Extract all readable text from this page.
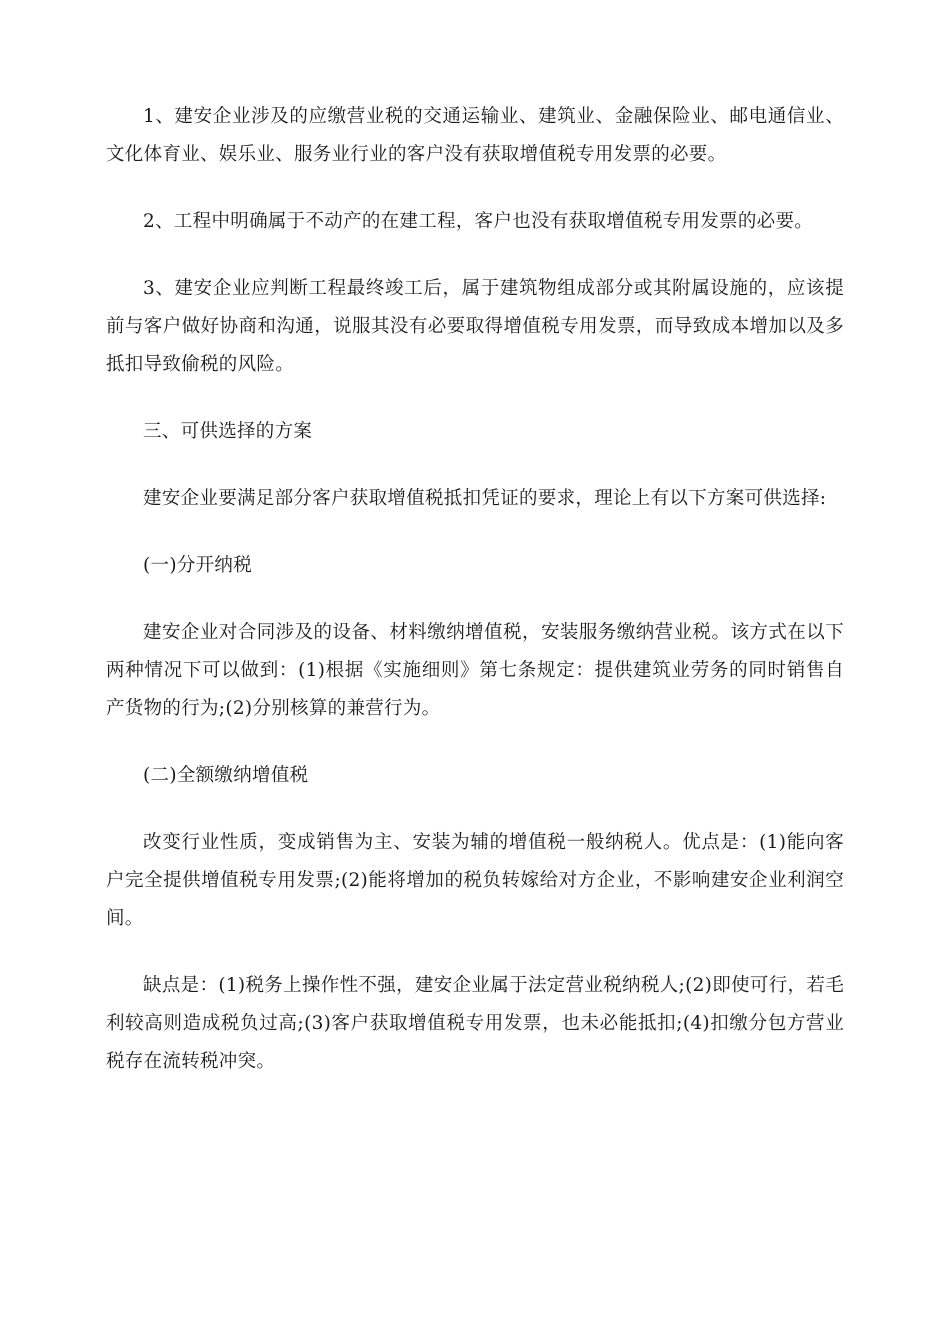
1、建安企业涉及的应缴营业税的交通运输业、建筑业、金融保险业、邮电通信业、文化体育业、娱乐业、服务业行业的客户没有获取增值税专用发票的必要。

2、工程中明确属于不动产的在建工程，客户也没有获取增值税专用发票的必要。

3、建安企业应判断工程最终竣工后，属于建筑物组成部分或其附属设施的，应该提前与客户做好协商和沟通，说服其没有必要取得增值税专用发票，而导致成本增加以及多抵扣导致偷税的风险。

三、可供选择的方案

建安企业要满足部分客户获取增值税抵扣凭证的要求，理论上有以下方案可供选择:

(一)分开纳税

建安企业对合同涉及的设备、材料缴纳增值税，安装服务缴纳营业税。该方式在以下两种情况下可以做到：(1)根据《实施细则》第七条规定：提供建筑业劳务的同时销售自产货物的行为;(2)分别核算的兼营行为。

(二)全额缴纳增值税

改变行业性质，变成销售为主、安装为辅的增值税一般纳税人。优点是：(1)能向客户完全提供增值税专用发票;(2)能将增加的税负转嫁给对方企业，不影响建安企业利润空间。

缺点是：(1)税务上操作性不强，建安企业属于法定营业税纳税人;(2)即使可行，若毛利较高则造成税负过高;(3)客户获取增值税专用发票，也未必能抵扣;(4)扣缴分包方营业税存在流转税冲突。
